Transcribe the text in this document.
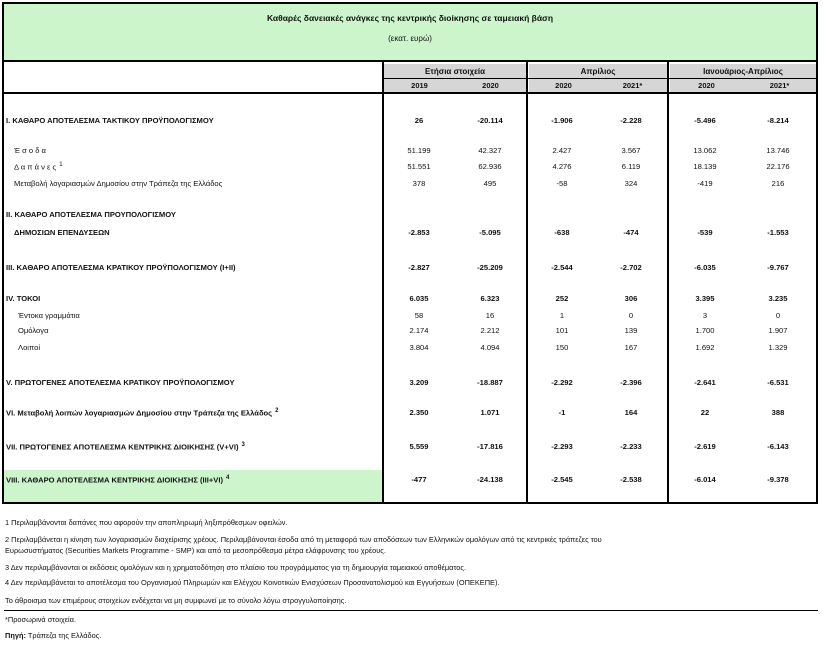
Καθαρές δανειακές ανάγκες της κεντρικής διοίκησης σε ταμειακή βάση
(εκατ. ευρώ)
Ετήσια στοιχεία	Απρίλιος	Ιανουάριος-Απρίλιος
2019	2020	2020	2021*	2020	2021*
I. ΚΑΘΑΡΟ ΑΠΟΤΕΛΕΣΜΑ ΤΑΚΤΙΚΟΥ ΠΡΟΫΠΟΛΟΓΙΣΜΟΥ	26	-20.114	-1.906	-2.228	-5.496	-8.214
Έ σ ο δ α	51.199	42.327	2.427	3.567	13.062	13.746
Δ α π ά ν ε ς $^1$	51.551	62.936	4.276	6.119	18.139	22.176
Μεταβολή λογαριασμών Δημοσίου στην Τράπεζα της Ελλάδος	378	495	-58	324	-419	216
II. ΚΑΘΑΡΟ ΑΠΟΤΕΛΕΣΜΑ ΠΡΟΥΠΟΛΟΓΙΣΜΟΥ
ΔΗΜΟΣΙΩΝ ΕΠΕΝΔΥΣΕΩΝ	-2.853	-5.095	-638	-474	-539	-1.553
III. ΚΑΘΑΡΟ ΑΠΟΤΕΛΕΣΜΑ ΚΡΑΤΙΚΟΥ ΠΡΟΫΠΟΛΟΓΙΣΜΟΥ (I+II)	-2.827	-25.209	-2.544	-2.702	-6.035	-9.767
IV. ΤΟΚΟΙ	6.035	6.323	252	306	3.395	3.235
Έντοκα γραμμάτια	58	16	1	0	3	0
Ομόλογα	2.174	2.212	101	139	1.700	1.907
Λοιποί	3.804	4.094	150	167	1.692	1.329
V. ΠΡΩΤΟΓΕΝΕΣ ΑΠΟΤΕΛΕΣΜΑ ΚΡΑΤΙΚΟΥ ΠΡΟΫΠΟΛΟΓΙΣΜΟΥ	3.209	-18.887	-2.292	-2.396	-2.641	-6.531
VI. Μεταβολή λοιπών λογαριασμών Δημοσίου στην Τράπεζα της Ελλάδος $^2$	2.350	1.071	-1	164	22	388
VII. ΠΡΩΤΟΓΕΝΕΣ ΑΠΟΤΕΛΕΣΜΑ ΚΕΝΤΡΙΚΗΣ ΔΙΟΙΚΗΣΗΣ (V+VI) $^3$	5.559	-17.816	-2.293	-2.233	-2.619	-6.143
VIII. ΚΑΘΑΡΟ ΑΠΟΤΕΛΕΣΜΑ ΚΕΝΤΡΙΚΗΣ ΔΙΟΙΚΗΣΗΣ (III+VI) $^4$	-477	-24.138	-2.545	-2.538	-6.014	-9.378
1 Περιλαμβάνονται δαπάνες που αφορούν την αποπληρωμή ληξιπρόθεσμων οφειλών.
2 Περιλαμβάνεται η κίνηση των λογαριασμών διαχείρισης χρέους. Περιλαμβάνονται έσοδα από τη μεταφορά των αποδόσεων των Ελληνικών ομολόγων από τις κεντρικές τράπεζες του
Ευρωσυστήματος (Securities Markets Programme - SMP) και από τα μεσοπρόθεσμα μέτρα ελάφρυνσης του χρέους.
3 Δεν περιλαμβάνονται οι εκδόσεις ομολόγων και η χρηματοδότηση στο πλαίσιο του προγράμματος για τη δημιουργία ταμειακού αποθέματος.
4 Δεν περιλαμβάνεται το αποτέλεσμα του Οργανισμού Πληρωμών και Ελέγχου Κοινοτικών Ενισχύσεων Προσανατολισμού και Εγγυήσεων (ΟΠΕΚΕΠΕ).
Το άθροισμα των επιμέρους στοιχείων ενδέχεται να μη συμφωνεί με το σύνολο λόγω στρογγυλοποίησης.
*Προσωρινά στοιχεία.
Πηγή: Τράπεζα της Ελλάδος.
